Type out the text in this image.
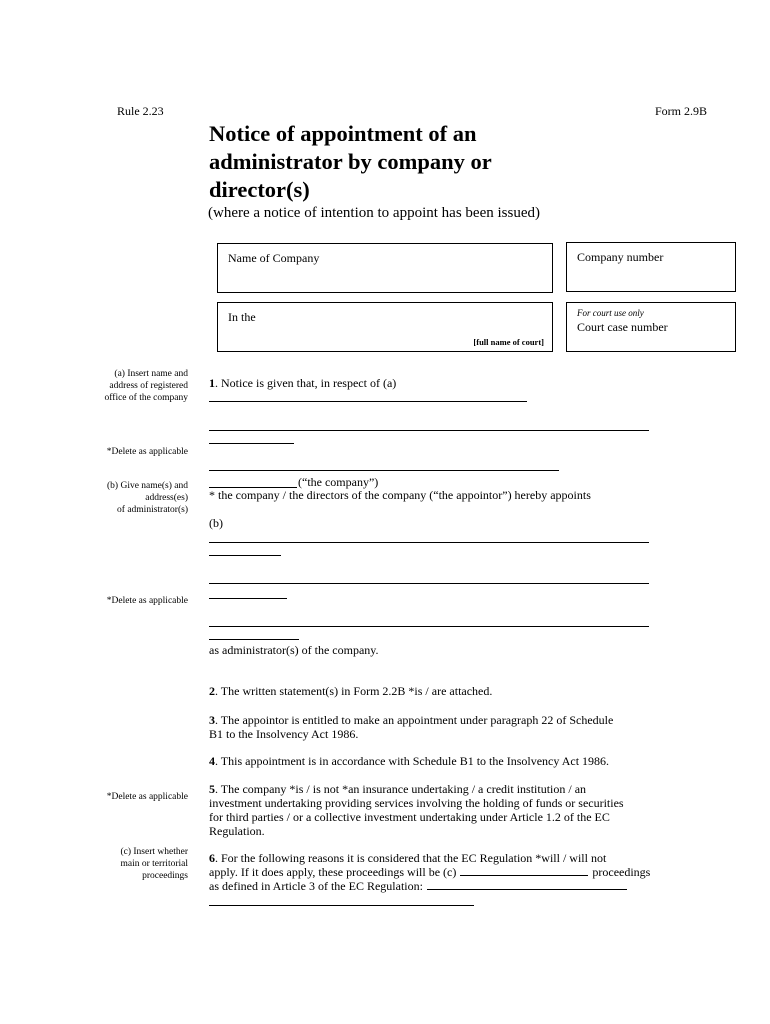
Rule 2.23	Form 2.9B
Notice of appointment of an
administrator by company or
director(s)
(where a notice of intention to appoint has been issued)
Name of Company	Company number
In the
[full name of court]
For court use only
Court case number
(a) Insert name and
address of registered
office of the company
*Delete as applicable
(b) Give name(s) and
address(es)
of administrator(s)
*Delete as applicable
*Delete as applicable
(c) Insert whether
main or territorial
proceedings
1. Notice is given that, in respect of (a)
(“the company”)
* the company / the directors of the company (“the appointor”) hereby appoints
(b)
as administrator(s) of the company.
2. The written statement(s) in Form 2.2B *is / are attached.
3. The appointor is entitled to make an appointment under paragraph 22 of Schedule
B1 to the Insolvency Act 1986.
4. This appointment is in accordance with Schedule B1 to the Insolvency Act 1986.
5. The company *is / is not *an insurance undertaking / a credit institution / an
investment undertaking providing services involving the holding of funds or securities
for third parties / or a collective investment undertaking under Article 1.2 of the EC
Regulation.
6. For the following reasons it is considered that the EC Regulation *will / will not
apply. If it does apply, these proceedings will be (c)	proceedings
as defined in Article 3 of the EC Regulation:
